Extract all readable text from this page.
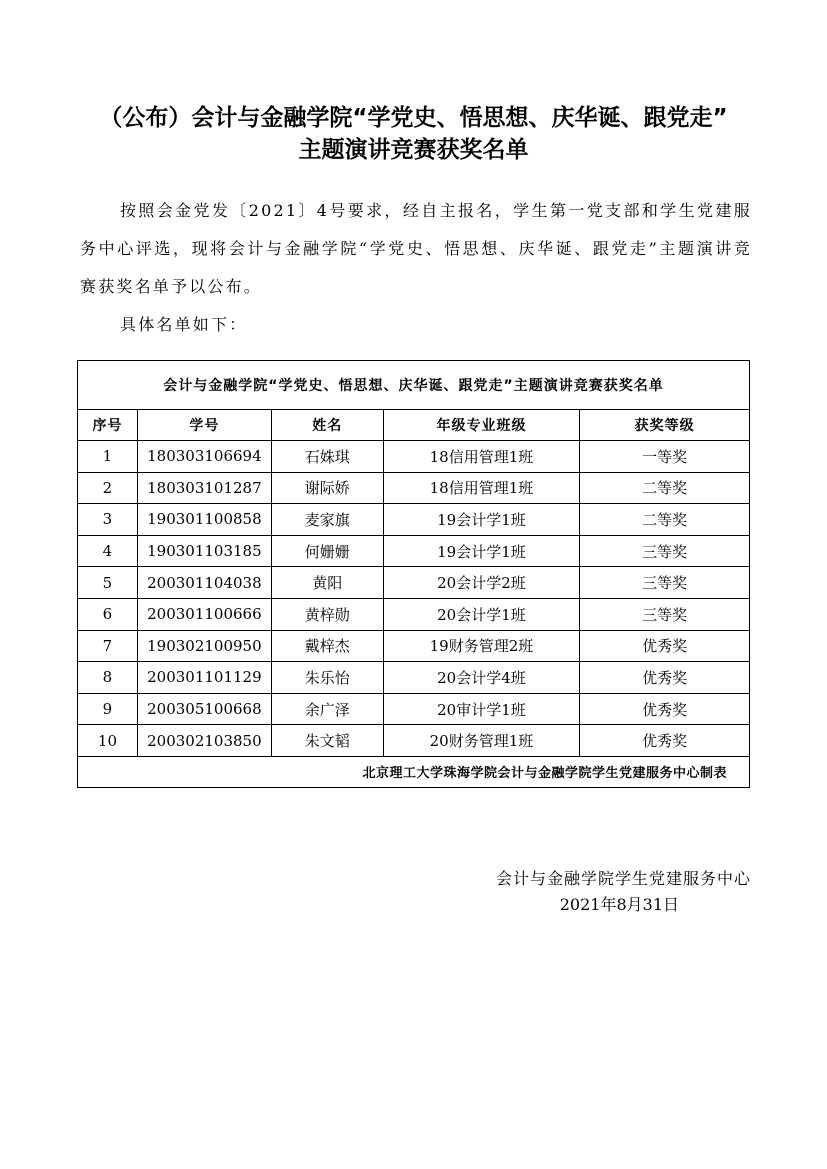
（公布）会计与金融学院“学党史、悟思想、庆华诞、跟党走”
主题演讲竞赛获奖名单
按照会金党发〔2021〕4号要求，经自主报名，学生第一党支部和学生党建服务中心评选，现将会计与金融学院“学党史、悟思想、庆华诞、跟党走”主题演讲竞赛获奖名单予以公布。
具体名单如下：
会计与金融学院“学党史、悟思想、庆华诞、跟党走”主题演讲竞赛获奖名单				
序号	学号	姓名	年级专业班级	获奖等级
1	180303106694	石姝琪	18信用管理1班	一等奖
2	180303101287	谢际娇	18信用管理1班	二等奖
3	190301100858	麦家旗	19会计学1班	二等奖
4	190301103185	何姗姗	19会计学1班	三等奖
5	200301104038	黄阳	20会计学2班	三等奖
6	200301100666	黄梓勋	20会计学1班	三等奖
7	190302100950	戴梓杰	19财务管理2班	优秀奖
8	200301101129	朱乐怡	20会计学4班	优秀奖
9	200305100668	余广泽	20审计学1班	优秀奖
10	200302103850	朱文韬	20财务管理1班	优秀奖
北京理工大学珠海学院会计与金融学院学生党建服务中心制表				
会计与金融学院学生党建服务中心
2021年8月31日
